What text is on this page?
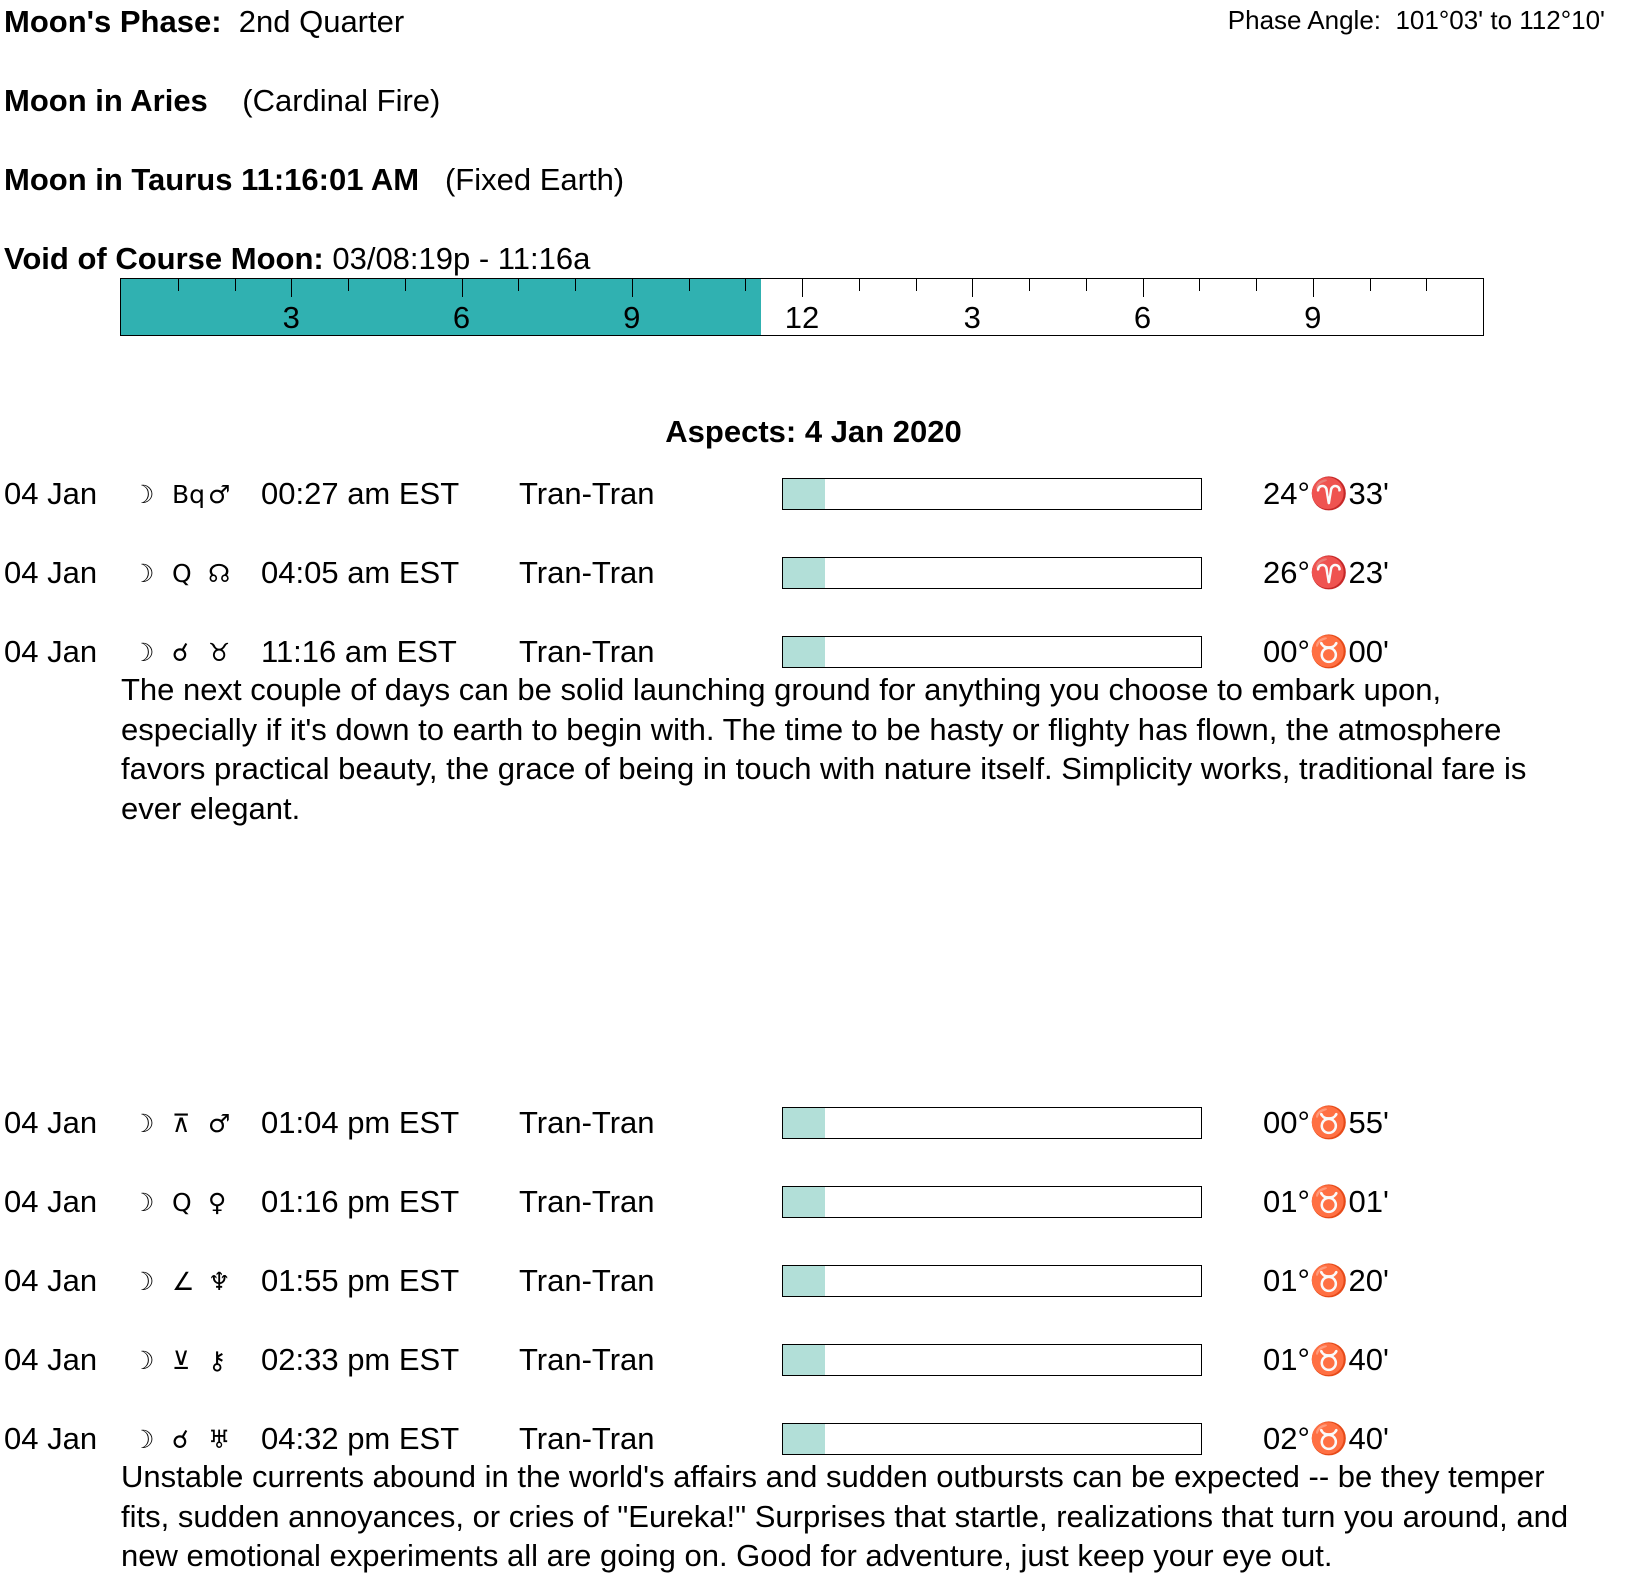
Moon's Phase: 2nd Quarter	Phase Angle: 101°03' to 112°10'
Moon in Aries (Cardinal Fire)
Moon in Taurus 11:16:01 AM (Fixed Earth)
Void of Course Moon: 03/08:19p - 11:16a
3	6	9	12	3	6	9
Aspects: 4 Jan 2020
04 Jan ☽ Bq ♂ 00:27 am EST Tran-Tran	24°♈33'
04 Jan ☽ Q ☊ 04:05 am EST Tran-Tran	26°♈23'
04 Jan ☽ ☌ ♉ 11:16 am EST Tran-Tran	00°♉00'
The next couple of days can be solid launching ground for anything you choose to embark upon, especially if it's down to earth to begin with. The time to be hasty or flighty has flown, the atmosphere favors practical beauty, the grace of being in touch with nature itself. Simplicity works, traditional fare is ever elegant.
04 Jan ☽ ⊼ ♂ 01:04 pm EST Tran-Tran	00°♉55'
04 Jan ☽ Q ♀ 01:16 pm EST Tran-Tran	01°♉01'
04 Jan ☽ ∠ ♆ 01:55 pm EST Tran-Tran	01°♉20'
04 Jan ☽ ⊻ ⚷ 02:33 pm EST Tran-Tran	01°♉40'
04 Jan ☽ ☌ ♅ 04:32 pm EST Tran-Tran	02°♉40'
Unstable currents abound in the world's affairs and sudden outbursts can be expected -- be they temper fits, sudden annoyances, or cries of "Eureka!" Surprises that startle, realizations that turn you around, and new emotional experiments all are going on. Good for adventure, just keep your eye out.
